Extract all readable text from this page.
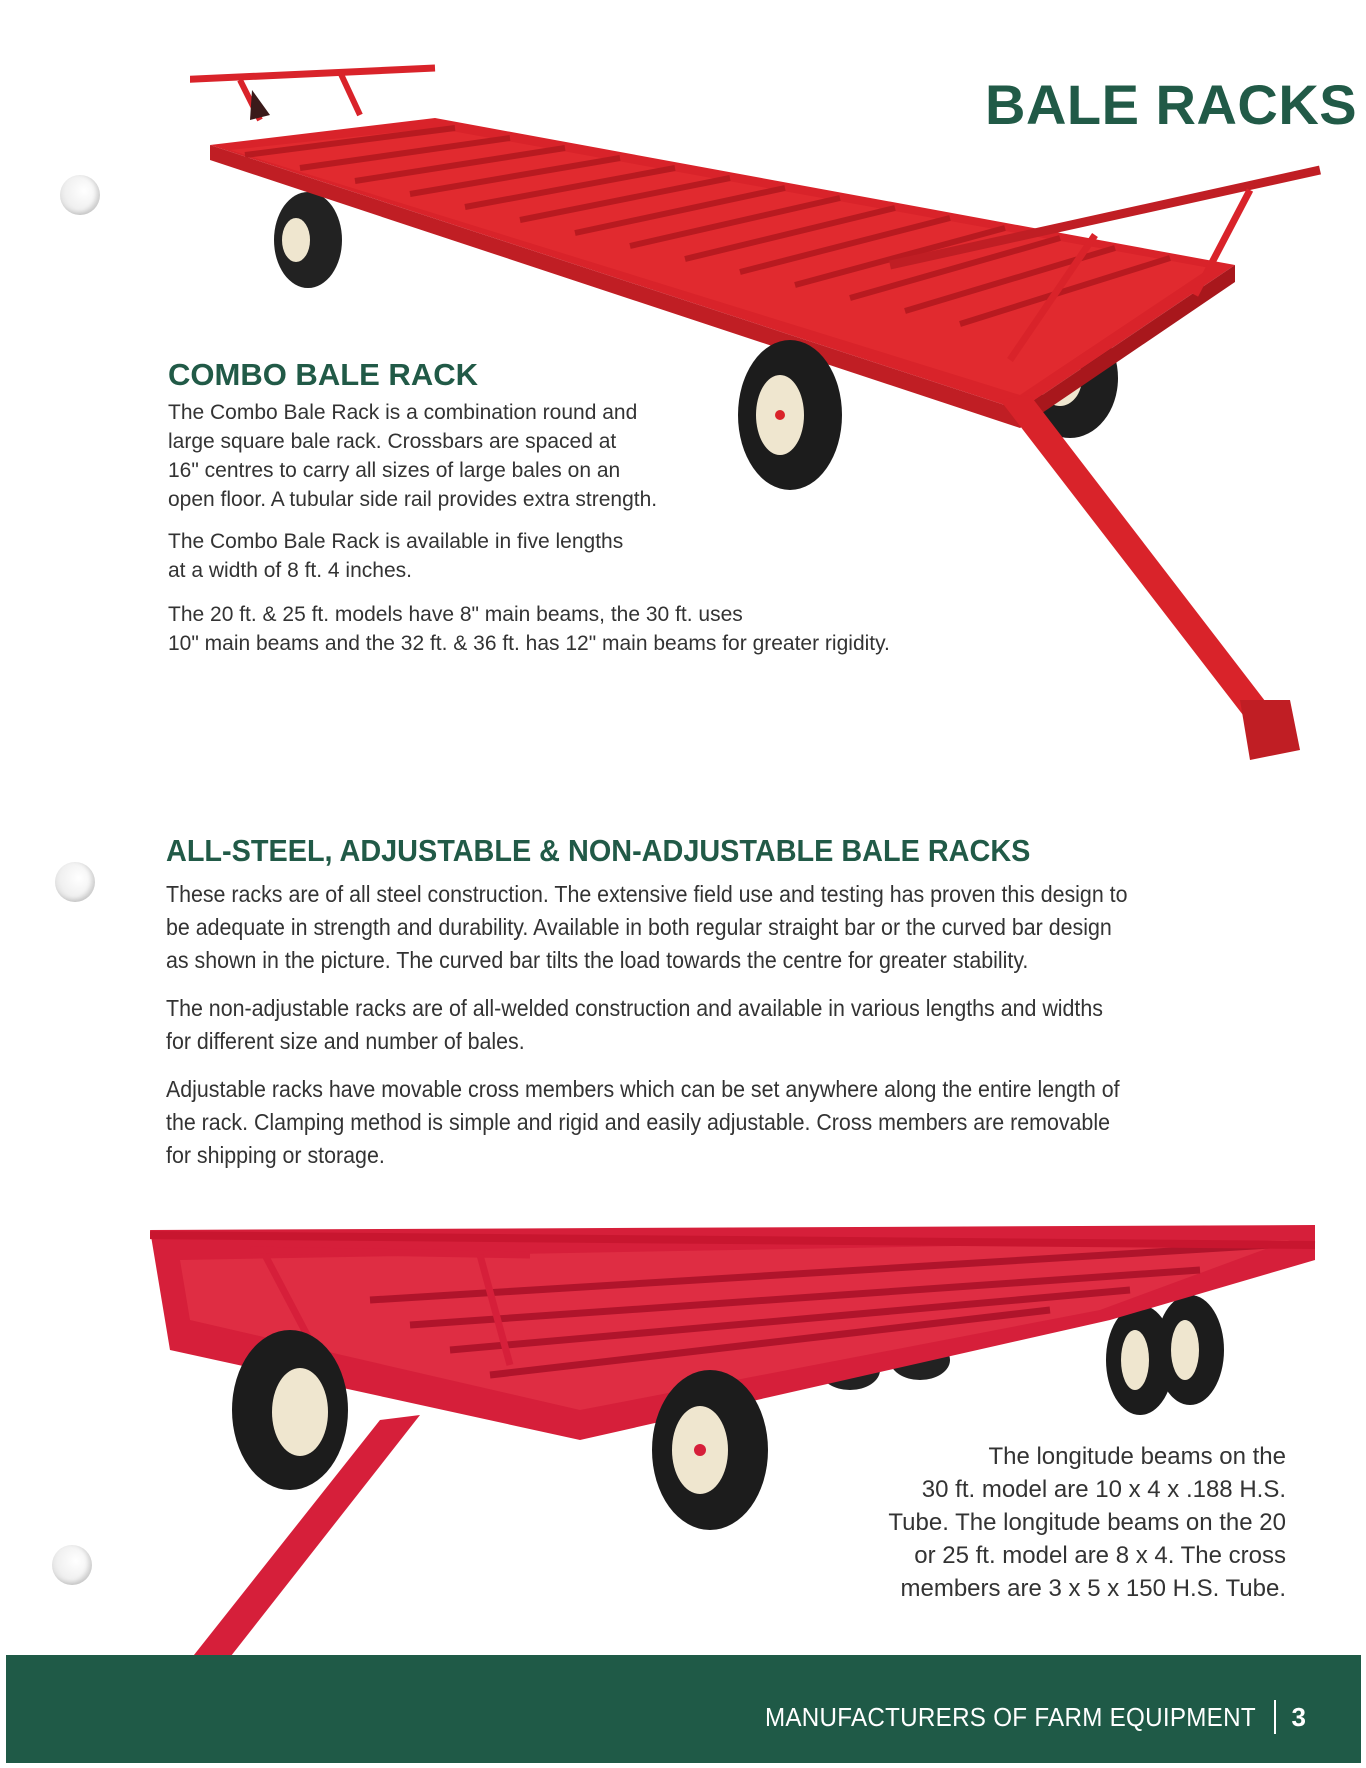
BALE RACKS
COMBO BALE RACK
The Combo Bale Rack is a combination round and
large square bale rack. Crossbars are spaced at
16" centres to carry all sizes of large bales on an
open floor. A tubular side rail provides extra strength.
The Combo Bale Rack is available in five lengths
at a width of 8 ft. 4 inches.
The 20 ft. & 25 ft. models have 8" main beams, the 30 ft. uses
10" main beams and the 32 ft. & 36 ft. has 12" main beams for greater rigidity.
ALL-STEEL, ADJUSTABLE & NON-ADJUSTABLE BALE RACKS
These racks are of all steel construction. The extensive field use and testing has proven this design to
be adequate in strength and durability. Available in both regular straight bar or the curved bar design
as shown in the picture. The curved bar tilts the load towards the centre for greater stability.
The non-adjustable racks are of all-welded construction and available in various lengths and widths
for different size and number of bales.
Adjustable racks have movable cross members which can be set anywhere along the entire length of
the rack. Clamping method is simple and rigid and easily adjustable. Cross members are removable
for shipping or storage.
The longitude beams on the
30 ft. model are 10 x 4 x .188 H.S.
Tube. The longitude beams on the 20
or 25 ft. model are 8 x 4. The cross
members are 3 x 5 x 150 H.S. Tube.
MANUFACTURERS OF FARM EQUIPMENT 3
